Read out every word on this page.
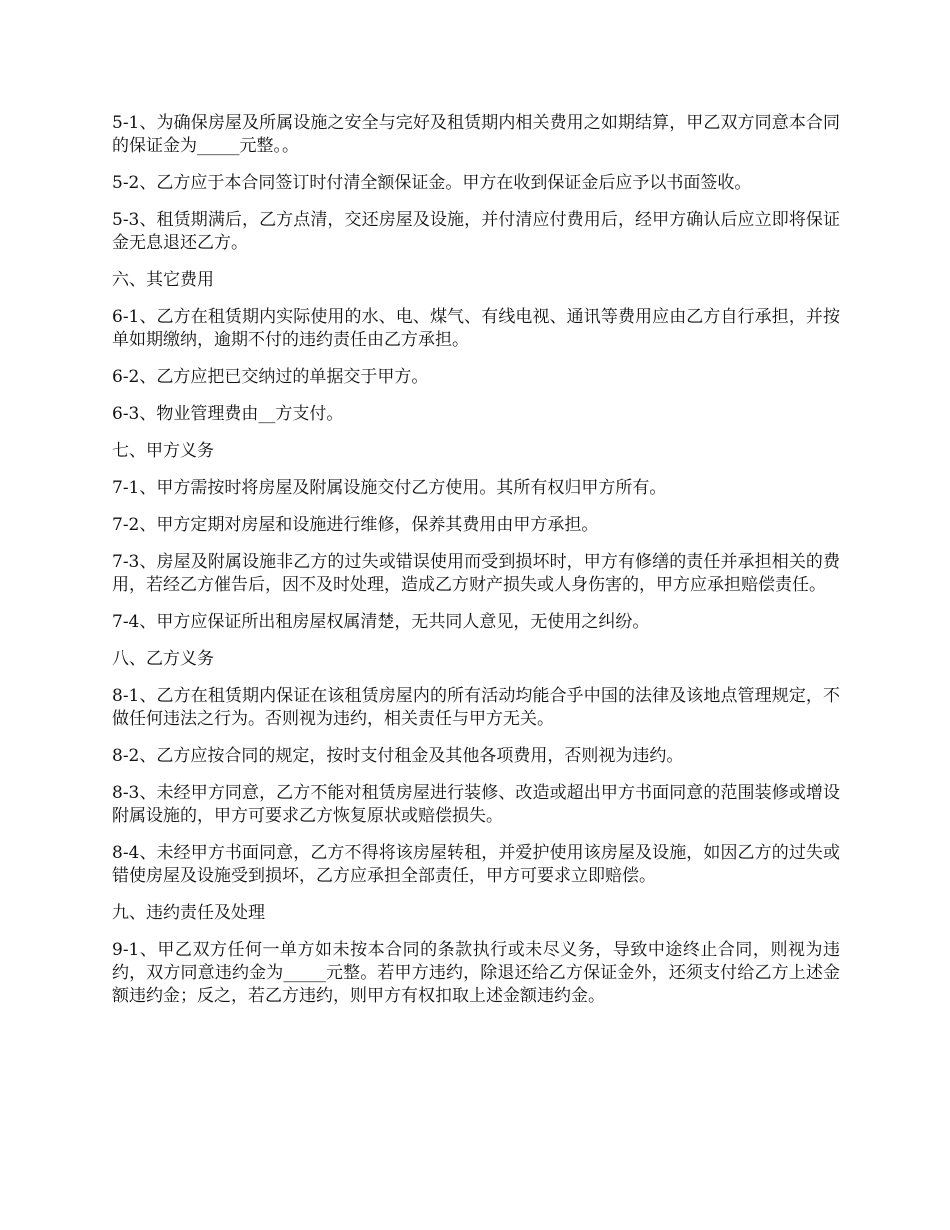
5-1、为确保房屋及所属设施之安全与完好及租赁期内相关费用之如期结算，甲乙双方同意本合同的保证金为_____元整。。

5-2、乙方应于本合同签订时付清全额保证金。甲方在收到保证金后应予以书面签收。

5-3、租赁期满后，乙方点清，交还房屋及设施，并付清应付费用后，经甲方确认后应立即将保证金无息退还乙方。

六、其它费用

6-1、乙方在租赁期内实际使用的水、电、煤气、有线电视、通讯等费用应由乙方自行承担，并按单如期缴纳，逾期不付的违约责任由乙方承担。

6-2、乙方应把已交纳过的单据交于甲方。

6-3、物业管理费由__方支付。

七、甲方义务

7-1、甲方需按时将房屋及附属设施交付乙方使用。其所有权归甲方所有。

7-2、甲方定期对房屋和设施进行维修，保养其费用由甲方承担。

7-3、房屋及附属设施非乙方的过失或错误使用而受到损坏时，甲方有修缮的责任并承担相关的费用，若经乙方催告后，因不及时处理，造成乙方财产损失或人身伤害的，甲方应承担赔偿责任。

7-4、甲方应保证所出租房屋权属清楚，无共同人意见，无使用之纠纷。

八、乙方义务

8-1、乙方在租赁期内保证在该租赁房屋内的所有活动均能合乎中国的法律及该地点管理规定，不做任何违法之行为。否则视为违约，相关责任与甲方无关。

8-2、乙方应按合同的规定，按时支付租金及其他各项费用，否则视为违约。

8-3、未经甲方同意，乙方不能对租赁房屋进行装修、改造或超出甲方书面同意的范围装修或增设附属设施的，甲方可要求乙方恢复原状或赔偿损失。

8-4、未经甲方书面同意，乙方不得将该房屋转租，并爱护使用该房屋及设施，如因乙方的过失或错使房屋及设施受到损坏，乙方应承担全部责任，甲方可要求立即赔偿。

九、违约责任及处理

9-1、甲乙双方任何一单方如未按本合同的条款执行或未尽义务，导致中途终止合同，则视为违约，双方同意违约金为_____元整。若甲方违约，除退还给乙方保证金外，还须支付给乙方上述金额违约金；反之，若乙方违约，则甲方有权扣取上述金额违约金。
